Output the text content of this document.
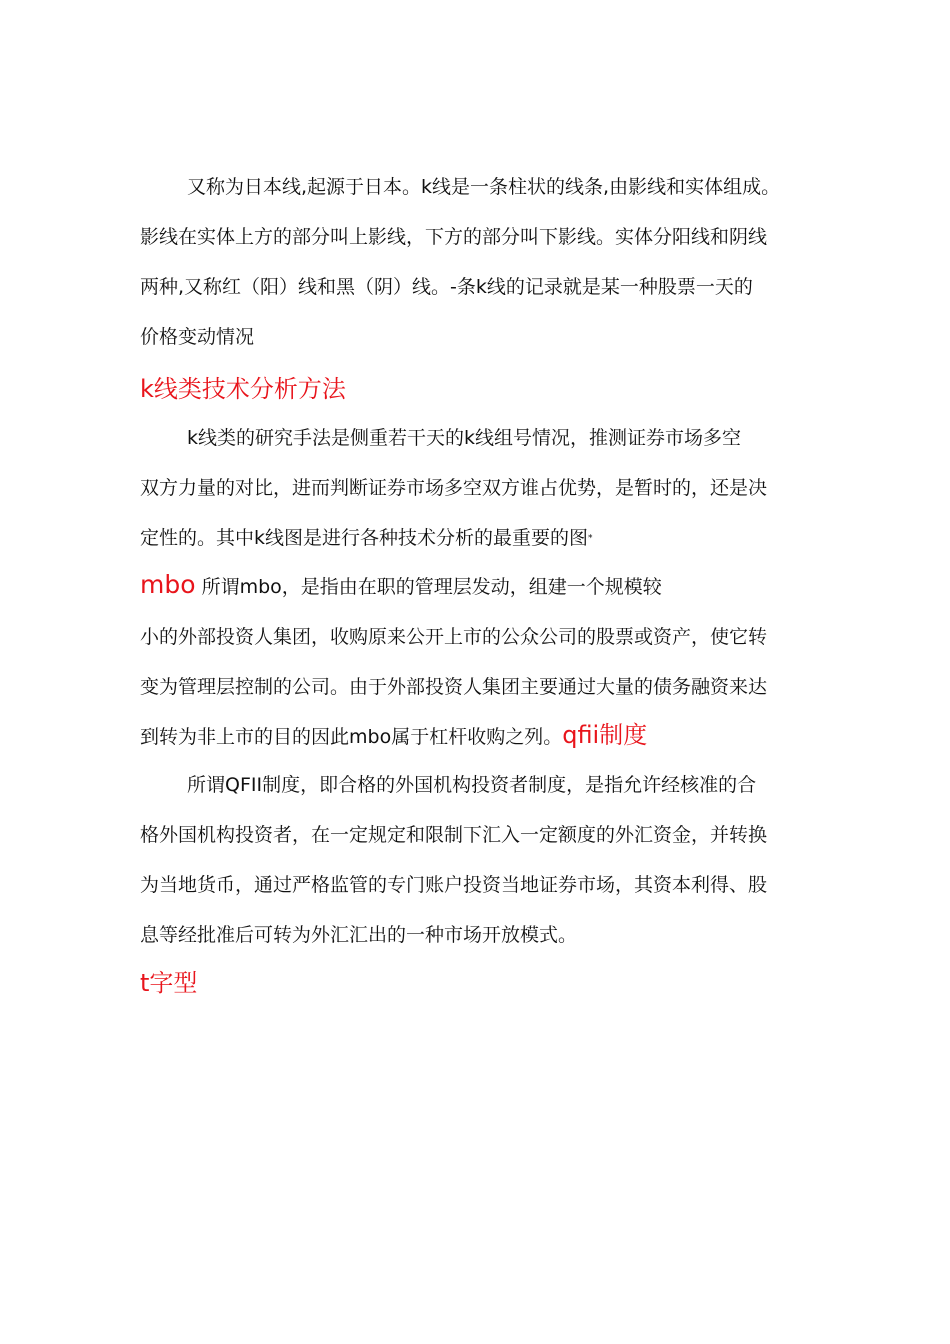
又称为日本线,起源于日本。k线是一条柱状的线条,由影线和实体组成。
影线在实体上方的部分叫上影线，下方的部分叫下影线。实体分阳线和阴线
两种,又称红（阳）线和黑（阴）线。-条k线的记录就是某一种股票一天的
价格变动情况
k线类技术分析方法
k线类的研究手法是侧重若干天的k线组号情况，推测证券市场多空
双方力量的对比，进而判断证券市场多空双方谁占优势，是暂时的，还是决
定性的。其中k线图是进行各种技术分析的最重要的图*
mbo 所谓mbo，是指由在职的管理层发动，组建一个规模较
小的外部投资人集团，收购原来公开上市的公众公司的股票或资产，使它转
变为管理层控制的公司。由于外部投资人集团主要通过大量的债务融资来达
到转为非上市的目的因此mbo属于杠杆收购之列。qfii制度
所谓QFII制度，即合格的外国机构投资者制度，是指允许经核准的合
格外国机构投资者，在一定规定和限制下汇入一定额度的外汇资金，并转换
为当地货币，通过严格监管的专门账户投资当地证券市场，其资本利得、股
息等经批准后可转为外汇汇出的一种市场开放模式。
t字型
